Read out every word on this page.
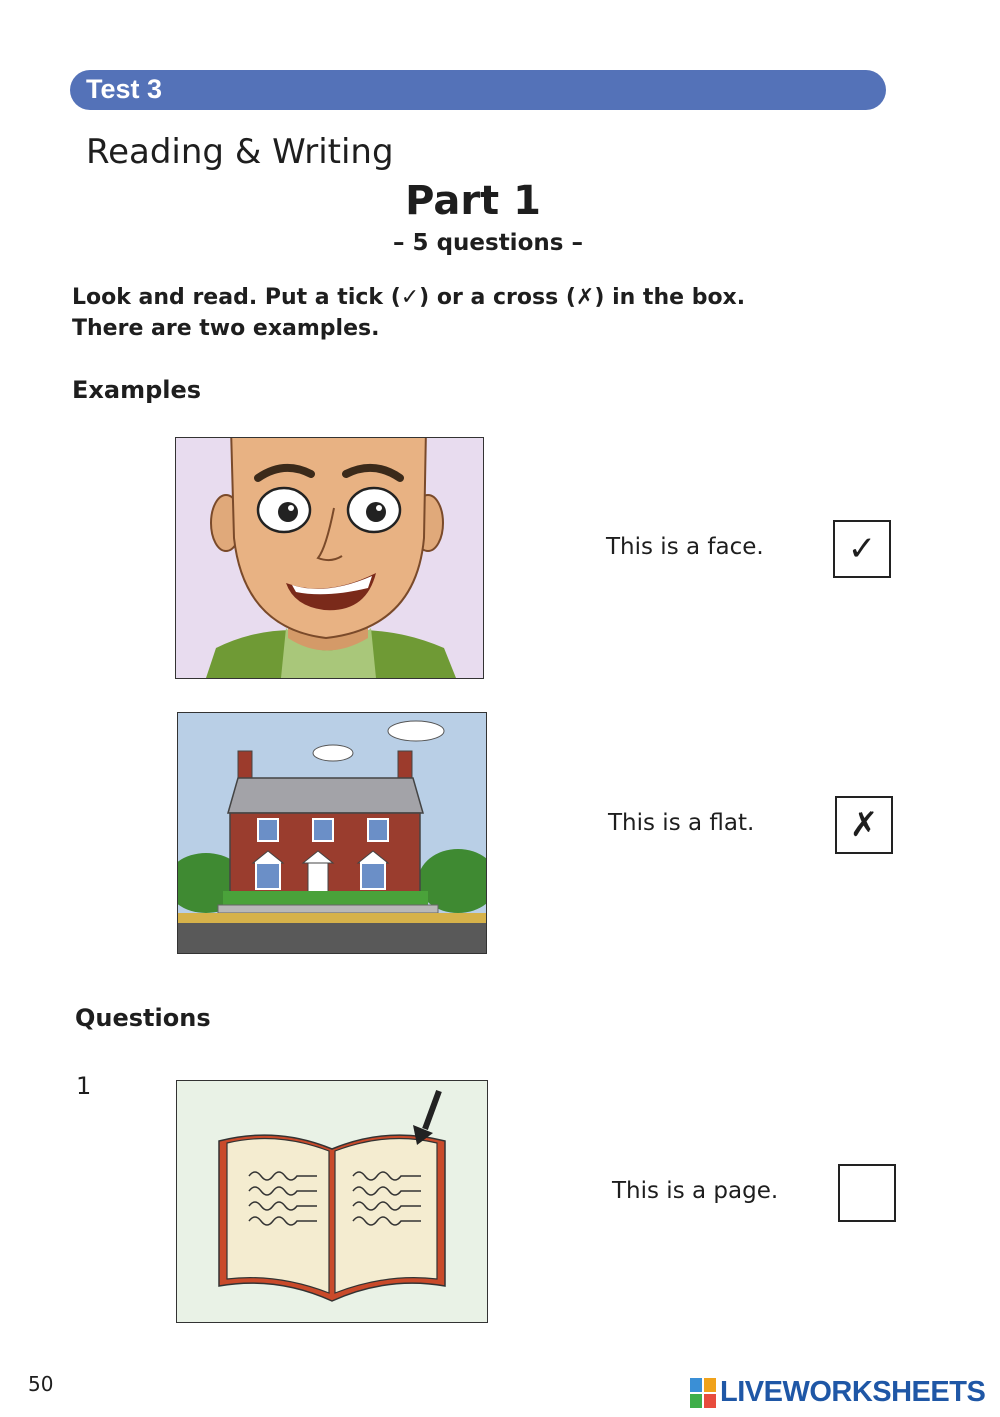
Test 3
Reading & Writing
Part 1
– 5 questions –
Look and read. Put a tick (✓) or a cross (✗) in the box.
There are two examples.
Examples
This is a face.	✓
This is a flat.	✗
Questions
1
This is a page.
50	LIVEWORKSHEETS
